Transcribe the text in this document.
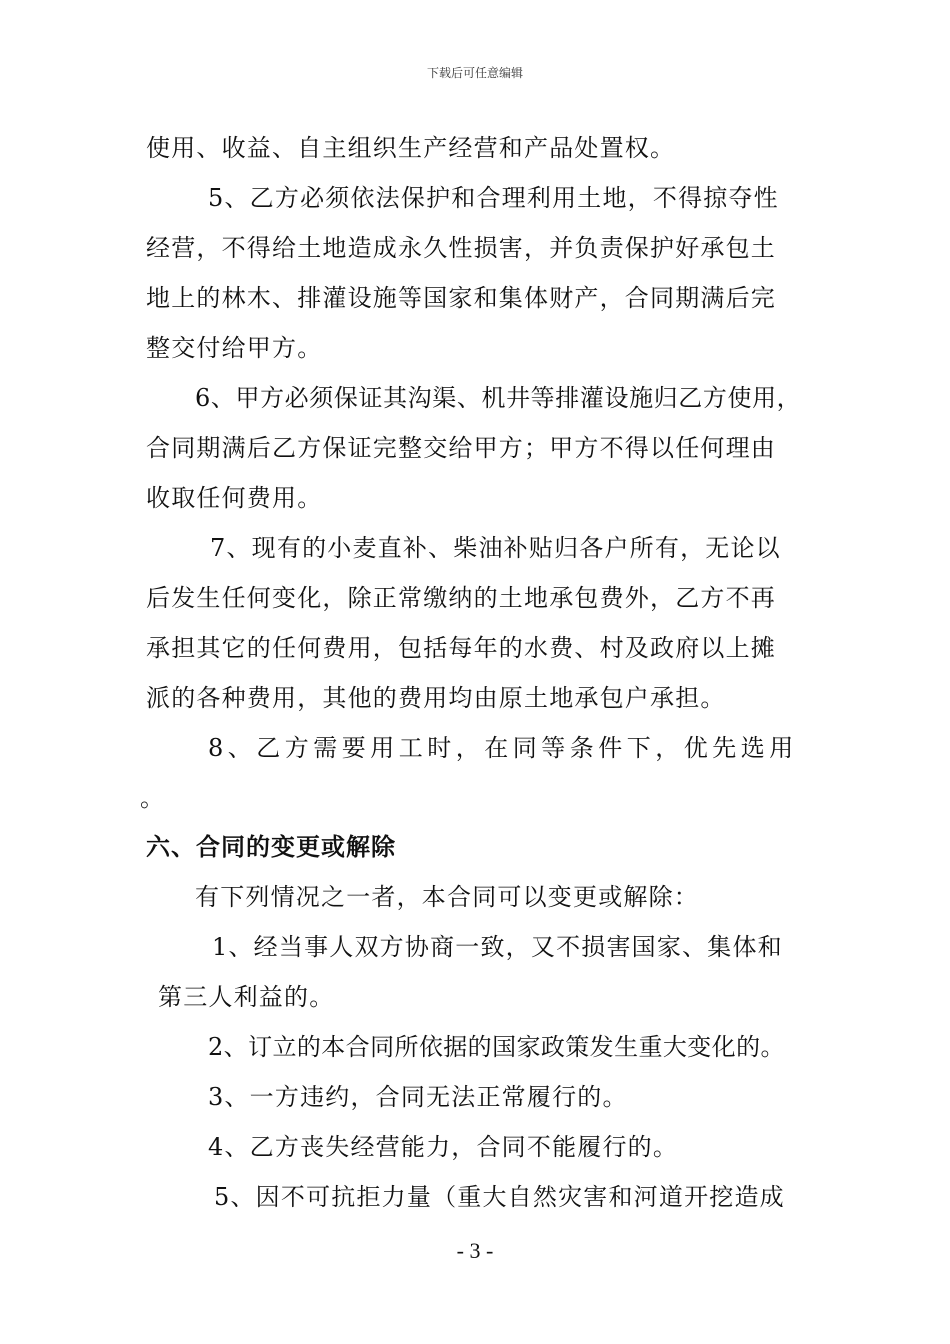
下载后可任意编辑
使用、收益、自主组织生产经营和产品处置权。
5、乙方必须依法保护和合理利用土地，不得掠夺性
经营，不得给土地造成永久性损害，并负责保护好承包土
地上的林木、排灌设施等国家和集体财产，合同期满后完
整交付给甲方。
6、甲方必须保证其沟渠、机井等排灌设施归乙方使用，
合同期满后乙方保证完整交给甲方；甲方不得以任何理由
收取任何费用。
7、现有的小麦直补、柴油补贴归各户所有，无论以
后发生任何变化，除正常缴纳的土地承包费外，乙方不再
承担其它的任何费用，包括每年的水费、村及政府以上摊
派的各种费用，其他的费用均由原土地承包户承担。
8、乙方需要用工时，在同等条件下，优先选用
。
六、合同的变更或解除
有下列情况之一者，本合同可以变更或解除：
1、经当事人双方协商一致，又不损害国家、集体和
第三人利益的。
2、订立的本合同所依据的国家政策发生重大变化的。
3、一方违约，合同无法正常履行的。
4、乙方丧失经营能力，合同不能履行的。
5、因不可抗拒力量（重大自然灾害和河道开挖造成
- 3 -
